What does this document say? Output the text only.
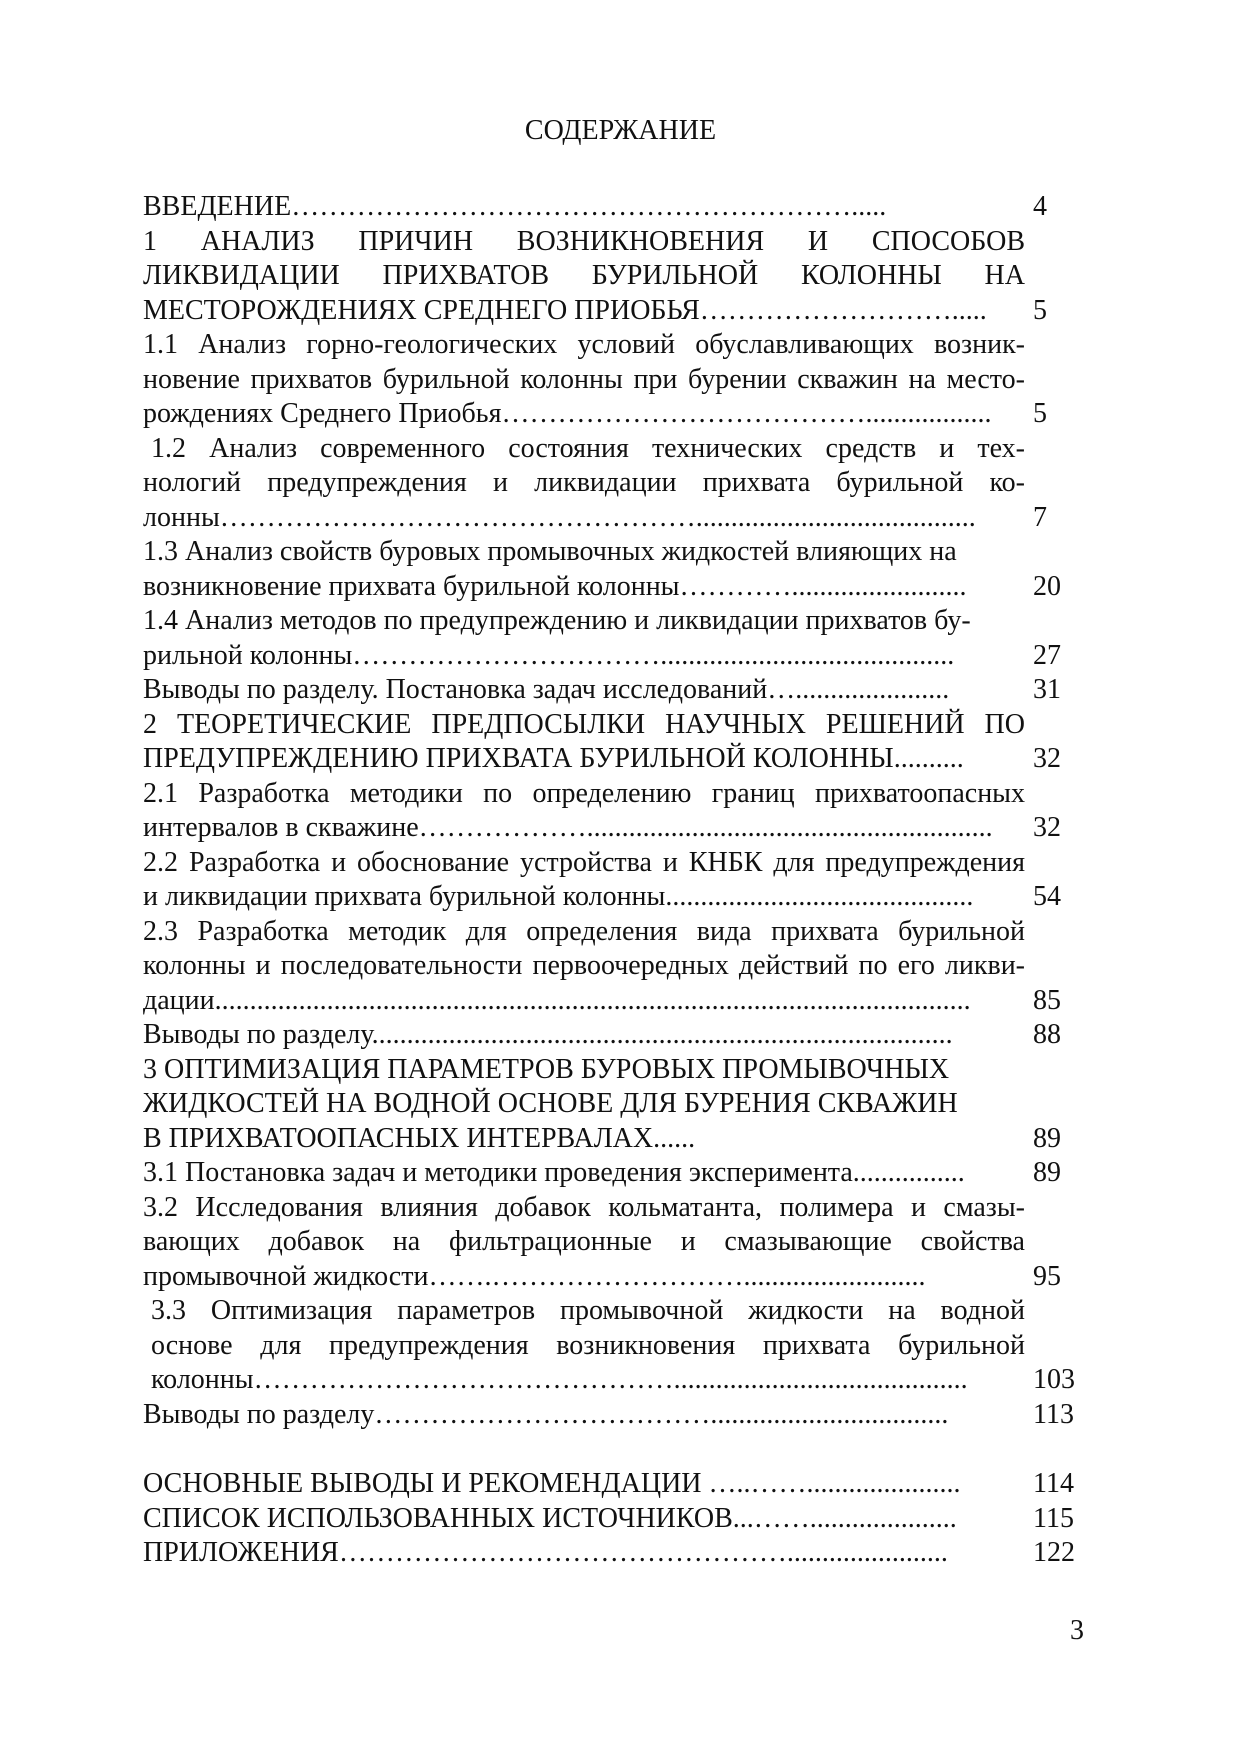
СОДЕРЖАНИЕ
ВВЕДЕНИЕ…………………………………………………….....	4
1 АНАЛИЗ ПРИЧИН ВОЗНИКНОВЕНИЯ И СПОСОБОВ
ЛИКВИДАЦИИ ПРИХВАТОВ БУРИЛЬНОЙ КОЛОННЫ НА
МЕСТОРОЖДЕНИЯХ СРЕДНЕГО ПРИОБЬЯ……………………….....	5
1.1 Анализ горно-геологических условий обуславливающих возник-
новение прихватов бурильной колонны при бурении скважин на место-
рождениях Среднего Приобья…………………………………..................	5
1.2 Анализ современного состояния технических средств и тех-
нологий предупреждения и ликвидации прихвата бурильной ко-
лонны……………………………………………........................................	7
1.3 Анализ свойств буровых промывочных жидкостей влияющих на
возникновение прихвата бурильной колонны………….........................	20
1.4 Анализ методов по предупреждению и ликвидации прихватов бу-
рильной колонны……………………………..........................................	27
Выводы по разделу. Постановка задач исследований…......................	31
2 ТЕОРЕТИЧЕСКИЕ ПРЕДПОСЫЛКИ НАУЧНЫХ РЕШЕНИЙ ПО
ПРЕДУПРЕЖДЕНИЮ ПРИХВАТА БУРИЛЬНОЙ КОЛОННЫ..........	32
2.1 Разработка методики по определению границ прихватоопасных
интервалов в скважине………………..........................................................	32
2.2 Разработка и обоснование устройства и КНБК для предупреждения
и ликвидации прихвата бурильной колонны............................................	54
2.3 Разработка методик для определения вида прихвата бурильной
колонны и последовательности первоочередных действий по его ликви-
дации............................................................................................................	85
Выводы по разделу...................................................................................	88
3 ОПТИМИЗАЦИЯ ПАРАМЕТРОВ БУРОВЫХ ПРОМЫВОЧНЫХ
ЖИДКОСТЕЙ НА ВОДНОЙ ОСНОВЕ ДЛЯ БУРЕНИЯ СКВАЖИН
В ПРИХВАТООПАСНЫХ ИНТЕРВАЛАХ......	89
3.1 Постановка задач и методики проведения эксперимента................	89
3.2 Исследования влияния добавок кольматанта, полимера и смазы-
вающих добавок на фильтрационные и смазывающие свойства
промывочной жидкости…….………………………..........................	95
3.3 Оптимизация параметров промывочной жидкости на водной
основе для предупреждения возникновения прихвата бурильной
колонны………………………………………..........................................	103
Выводы по разделу………………………………..................................	113
ОСНОВНЫЕ ВЫВОДЫ И РЕКОМЕНДАЦИИ …..……......................	114
СПИСОК ИСПОЛЬЗОВАННЫХ ИСТОЧНИКОВ...…….....................	115
ПРИЛОЖЕНИЯ………………………………………….......................	122
3
